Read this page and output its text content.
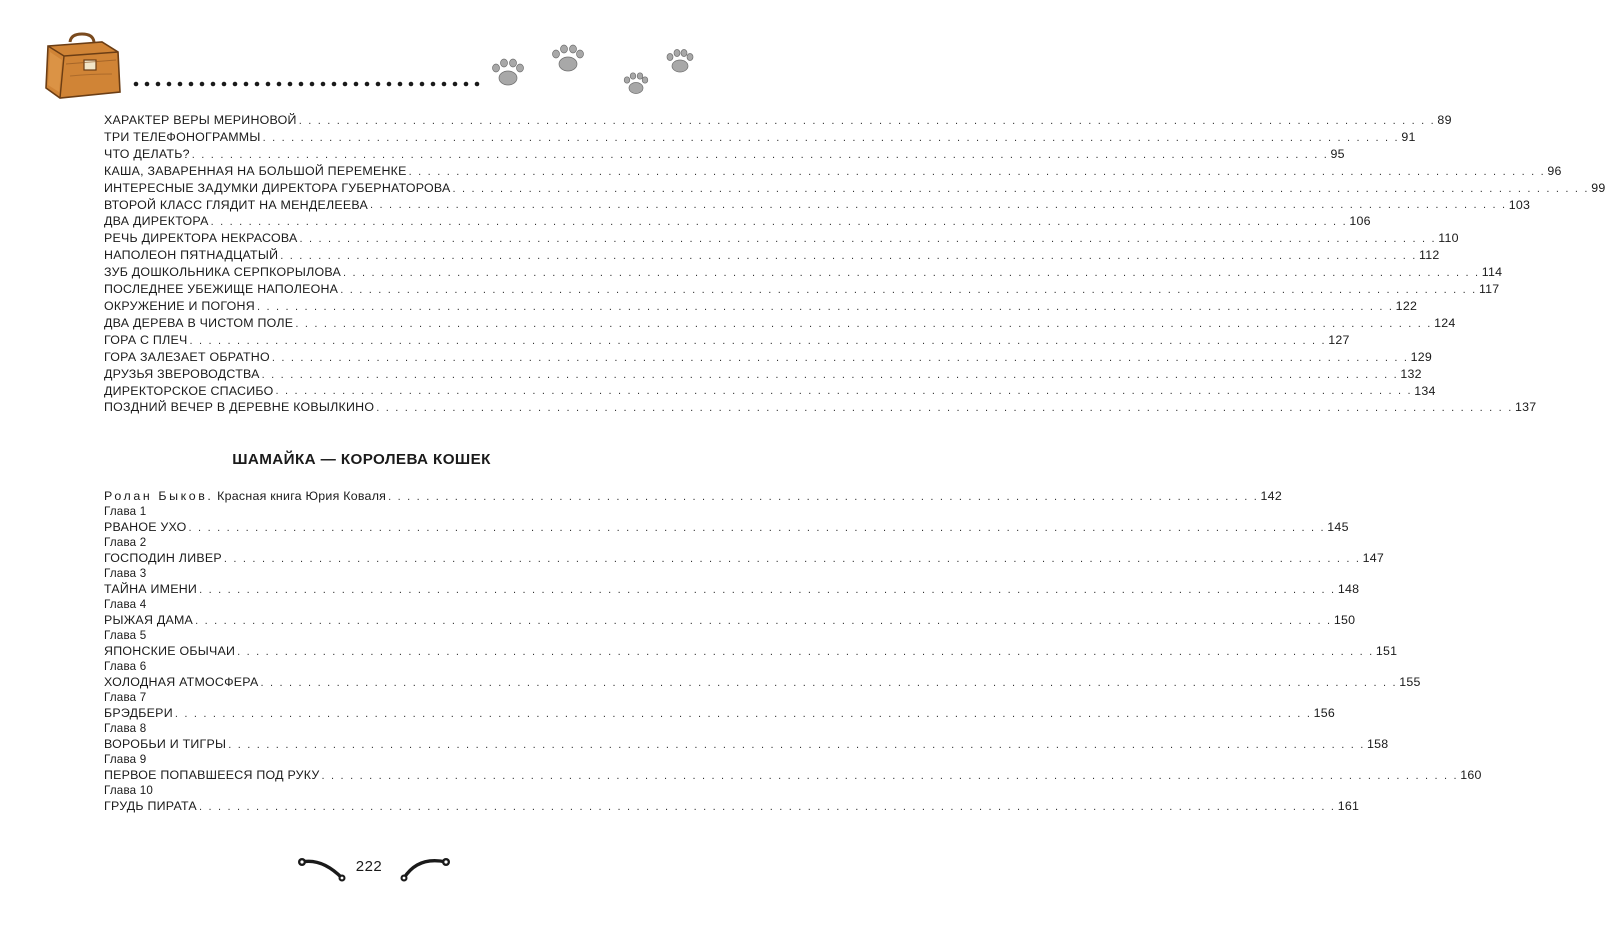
ХАРАКТЕР ВЕРЫ МЕРИНОВОЙ . . . . . . . . . . . . . . . . . . . . . . . . . . . . . . . . . . . . . . . . . . . . . . . . . . . . . . . . . . . . . . . . . . . . . . . . . . . . . . . . . . . . . . . . . . . . . . . . . . . . . . . . . . . . . . . . . . . . . . . . 89
ТРИ ТЕЛЕФОНОГРАММЫ . . . . . . . . . . . . . . . . . . . . . . . . . . . . . . . . . . . . . . . . . . . . . . . . . . . . . . . . . . . . . . . . . . . . . . . . . . . . . . . . . . . . . . . . . . . . . . . . . . . . . . . . . . . . . . . . . . . . . . . . 91
ЧТО ДЕЛАТЬ? . . . . . . . . . . . . . . . . . . . . . . . . . . . . . . . . . . . . . . . . . . . . . . . . . . . . . . . . . . . . . . . . . . . . . . . . . . . . . . . . . . . . . . . . . . . . . . . . . . . . . . . . . . . . . . . . . . . . . . . . 95
КАША, ЗАВАРЕННАЯ НА БОЛЬШОЙ ПЕРЕМЕНКЕ . . . . . . . . . . . . . . . . . . . . . . . . . . . . . . . . . . . . . . . . . . . . . . . . . . . . . . . . . . . . . . . . . . . . . . . . . . . . . . . . . . . . . . . . . . . . . . . . . . . . . . . . . . . . . . . . . . . . . . . . 96
ИНТЕРЕСНЫЕ ЗАДУМКИ ДИРЕКТОРА ГУБЕРНАТОРОВА . . . . . . . . . . . . . . . . . . . . . . . . . . . . . . . . . . . . . . . . . . . . . . . . . . . . . . . . . . . . . . . . . . . . . . . . . . . . . . . . . . . . . . . . . . . . . . . . . . . . . . . . . . . . . . . . . . . . . . . . 99
ВТОРОЙ КЛАСС ГЛЯДИТ НА МЕНДЕЛЕЕВА . . . . . . . . . . . . . . . . . . . . . . . . . . . . . . . . . . . . . . . . . . . . . . . . . . . . . . . . . . . . . . . . . . . . . . . . . . . . . . . . . . . . . . . . . . . . . . . . . . . . . . . . . . . . . . . . . . . . . . . . 103
ДВА ДИРЕКТОРА . . . . . . . . . . . . . . . . . . . . . . . . . . . . . . . . . . . . . . . . . . . . . . . . . . . . . . . . . . . . . . . . . . . . . . . . . . . . . . . . . . . . . . . . . . . . . . . . . . . . . . . . . . . . . . . . . . . . . . . . 106
РЕЧЬ ДИРЕКТОРА НЕКРАСОВА . . . . . . . . . . . . . . . . . . . . . . . . . . . . . . . . . . . . . . . . . . . . . . . . . . . . . . . . . . . . . . . . . . . . . . . . . . . . . . . . . . . . . . . . . . . . . . . . . . . . . . . . . . . . . . . . . . . . . . . . 110
НАПОЛЕОН ПЯТНАДЦАТЫЙ . . . . . . . . . . . . . . . . . . . . . . . . . . . . . . . . . . . . . . . . . . . . . . . . . . . . . . . . . . . . . . . . . . . . . . . . . . . . . . . . . . . . . . . . . . . . . . . . . . . . . . . . . . . . . . . . . . . . . . . . 112
ЗУБ ДОШКОЛЬНИКА СЕРПКОРЫЛОВА . . . . . . . . . . . . . . . . . . . . . . . . . . . . . . . . . . . . . . . . . . . . . . . . . . . . . . . . . . . . . . . . . . . . . . . . . . . . . . . . . . . . . . . . . . . . . . . . . . . . . . . . . . . . . . . . . . . . . . . . 114
ПОСЛЕДНЕЕ УБЕЖИЩЕ НАПОЛЕОНА . . . . . . . . . . . . . . . . . . . . . . . . . . . . . . . . . . . . . . . . . . . . . . . . . . . . . . . . . . . . . . . . . . . . . . . . . . . . . . . . . . . . . . . . . . . . . . . . . . . . . . . . . . . . . . . . . . . . . . . . 117
ОКРУЖЕНИЕ И ПОГОНЯ . . . . . . . . . . . . . . . . . . . . . . . . . . . . . . . . . . . . . . . . . . . . . . . . . . . . . . . . . . . . . . . . . . . . . . . . . . . . . . . . . . . . . . . . . . . . . . . . . . . . . . . . . . . . . . . . . . . . . . . . 122
ДВА ДЕРЕВА В ЧИСТОМ ПОЛЕ . . . . . . . . . . . . . . . . . . . . . . . . . . . . . . . . . . . . . . . . . . . . . . . . . . . . . . . . . . . . . . . . . . . . . . . . . . . . . . . . . . . . . . . . . . . . . . . . . . . . . . . . . . . . . . . . . . . . . . . . 124
ГОРА С ПЛЕЧ . . . . . . . . . . . . . . . . . . . . . . . . . . . . . . . . . . . . . . . . . . . . . . . . . . . . . . . . . . . . . . . . . . . . . . . . . . . . . . . . . . . . . . . . . . . . . . . . . . . . . . . . . . . . . . . . . . . . . . . . 127
ГОРА ЗАЛЕЗАЕТ ОБРАТНО . . . . . . . . . . . . . . . . . . . . . . . . . . . . . . . . . . . . . . . . . . . . . . . . . . . . . . . . . . . . . . . . . . . . . . . . . . . . . . . . . . . . . . . . . . . . . . . . . . . . . . . . . . . . . . . . . . . . . . . . 129
ДРУЗЬЯ ЗВЕРОВОДСТВА . . . . . . . . . . . . . . . . . . . . . . . . . . . . . . . . . . . . . . . . . . . . . . . . . . . . . . . . . . . . . . . . . . . . . . . . . . . . . . . . . . . . . . . . . . . . . . . . . . . . . . . . . . . . . . . . . . . . . . . . 132
ДИРЕКТОРСКОЕ СПАСИБО . . . . . . . . . . . . . . . . . . . . . . . . . . . . . . . . . . . . . . . . . . . . . . . . . . . . . . . . . . . . . . . . . . . . . . . . . . . . . . . . . . . . . . . . . . . . . . . . . . . . . . . . . . . . . . . . . . . . . . . . 134
ПОЗДНИЙ ВЕЧЕР В ДЕРЕВНЕ КОВЫЛКИНО . . . . . . . . . . . . . . . . . . . . . . . . . . . . . . . . . . . . . . . . . . . . . . . . . . . . . . . . . . . . . . . . . . . . . . . . . . . . . . . . . . . . . . . . . . . . . . . . . . . . . . . . . . . . . . . . . . . . . . . . 137
ШАМАЙКА — КОРОЛЕВА КОШЕК
Ролан Быков. Красная книга Юрия Коваля . . . . . . . . . . . . . . . . . . . . . . . . . . . . . . . . . . . . . . . . . . . . . . . . . . . . . . . . . . . . . . . . . . . . . . . . . . . . . . . . . . . . . . . . . . . . 142
Глава 1
РВАНОЕ УХО . . . . . . . . . . . . . . . . . . . . . . . . . . . . . . . . . . . . . . . . . . . . . . . . . . . . . . . . . . . . . . . . . . . . . . . . . . . . . . . . . . . . . . . . . . . . . . . . . . . . . . . . . . . . . . . . . . . . . . . . 145
Глава 2
ГОСПОДИН ЛИВЕР . . . . . . . . . . . . . . . . . . . . . . . . . . . . . . . . . . . . . . . . . . . . . . . . . . . . . . . . . . . . . . . . . . . . . . . . . . . . . . . . . . . . . . . . . . . . . . . . . . . . . . . . . . . . . . . . . . . . . . . . 147
Глава 3
ТАЙНА ИМЕНИ . . . . . . . . . . . . . . . . . . . . . . . . . . . . . . . . . . . . . . . . . . . . . . . . . . . . . . . . . . . . . . . . . . . . . . . . . . . . . . . . . . . . . . . . . . . . . . . . . . . . . . . . . . . . . . . . . . . . . . . . 148
Глава 4
РЫЖАЯ ДАМА . . . . . . . . . . . . . . . . . . . . . . . . . . . . . . . . . . . . . . . . . . . . . . . . . . . . . . . . . . . . . . . . . . . . . . . . . . . . . . . . . . . . . . . . . . . . . . . . . . . . . . . . . . . . . . . . . . . . . . . . 150
Глава 5
ЯПОНСКИЕ ОБЫЧАИ . . . . . . . . . . . . . . . . . . . . . . . . . . . . . . . . . . . . . . . . . . . . . . . . . . . . . . . . . . . . . . . . . . . . . . . . . . . . . . . . . . . . . . . . . . . . . . . . . . . . . . . . . . . . . . . . . . . . . . . . 151
Глава 6
ХОЛОДНАЯ АТМОСФЕРА . . . . . . . . . . . . . . . . . . . . . . . . . . . . . . . . . . . . . . . . . . . . . . . . . . . . . . . . . . . . . . . . . . . . . . . . . . . . . . . . . . . . . . . . . . . . . . . . . . . . . . . . . . . . . . . . . . . . . . . . 155
Глава 7
БРЭДБЕРИ . . . . . . . . . . . . . . . . . . . . . . . . . . . . . . . . . . . . . . . . . . . . . . . . . . . . . . . . . . . . . . . . . . . . . . . . . . . . . . . . . . . . . . . . . . . . . . . . . . . . . . . . . . . . . . . . . . . . . . . . 156
Глава 8
ВОРОБЬИ И ТИГРЫ . . . . . . . . . . . . . . . . . . . . . . . . . . . . . . . . . . . . . . . . . . . . . . . . . . . . . . . . . . . . . . . . . . . . . . . . . . . . . . . . . . . . . . . . . . . . . . . . . . . . . . . . . . . . . . . . . . . . . . . . 158
Глава 9
ПЕРВОЕ ПОПАВШЕЕСЯ ПОД РУКУ . . . . . . . . . . . . . . . . . . . . . . . . . . . . . . . . . . . . . . . . . . . . . . . . . . . . . . . . . . . . . . . . . . . . . . . . . . . . . . . . . . . . . . . . . . . . . . . . . . . . . . . . . . . . . . . . . . . . . . . . 160
Глава 10
ГРУДЬ ПИРАТА . . . . . . . . . . . . . . . . . . . . . . . . . . . . . . . . . . . . . . . . . . . . . . . . . . . . . . . . . . . . . . . . . . . . . . . . . . . . . . . . . . . . . . . . . . . . . . . . . . . . . . . . . . . . . . . . . . . . . . . . 161
222
